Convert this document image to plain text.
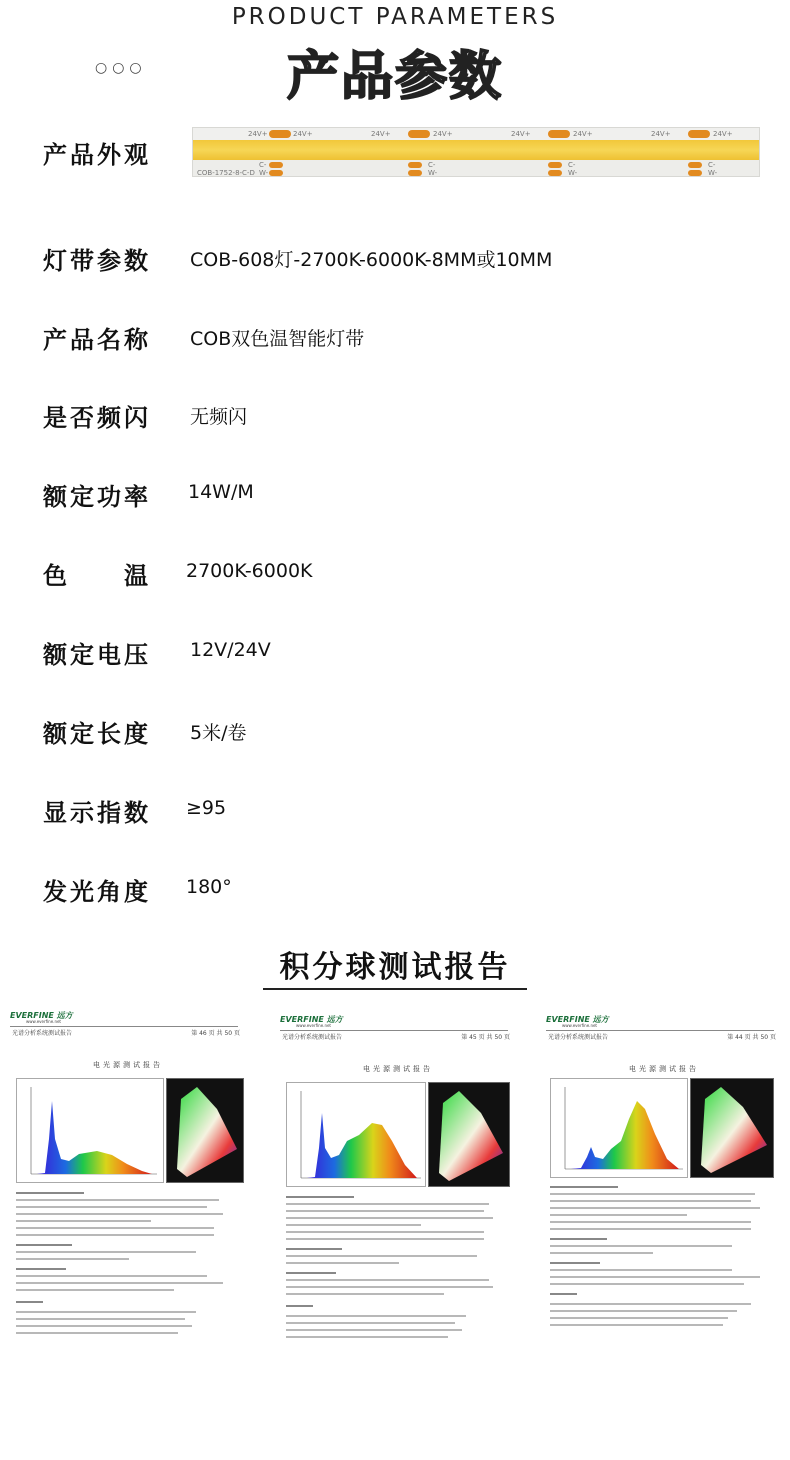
PRODUCT PARAMETERS
○○○	产品参数
产品外观
24V+	24V+	24V+	24V+	24V+	24V+	24V+	24V+
C-
W-
C-
W-
C-
W-
C-
W-
COB-1752-8-C-D
灯带参数 COB-608灯-2700K-6000K-8MM或10MM
产品名称 COB双色温智能灯带
是否频闪 无频闪
额定功率 14W/M
色　　温 2700K-6000K
额定电压 12V/24V
额定长度 5米/卷
显示指数 ≥95
发光角度 180°
积分球测试报告
EVERFINE 远方
www.everfine.net
光谱分析系统测试报告	第 46 页 共 50 页
电光源测试报告
EVERFINE 远方
www.everfine.net
光谱分析系统测试报告	第 45 页 共 50 页
电光源测试报告
EVERFINE 远方
www.everfine.net
光谱分析系统测试报告	第 44 页 共 50 页
电光源测试报告
